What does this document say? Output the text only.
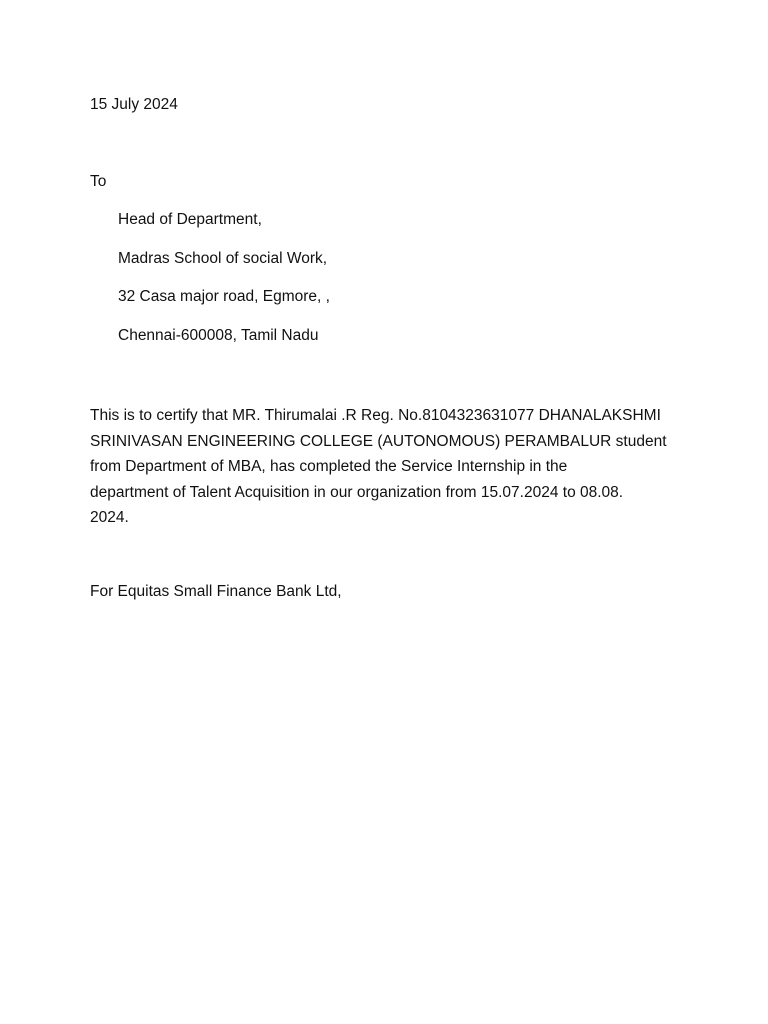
15 July 2024
To
Head of Department,
Madras School of social Work,
32 Casa major road, Egmore, ,
Chennai-600008, Tamil Nadu
This is to certify that MR. Thirumalai .R Reg. No.8104323631077 DHANALAKSHMI
SRINIVASAN ENGINEERING COLLEGE (AUTONOMOUS) PERAMBALUR student
from Department of MBA, has completed the Service Internship in the
department of Talent Acquisition in our organization from 15.07.2024 to 08.08.
2024.
For Equitas Small Finance Bank Ltd,
